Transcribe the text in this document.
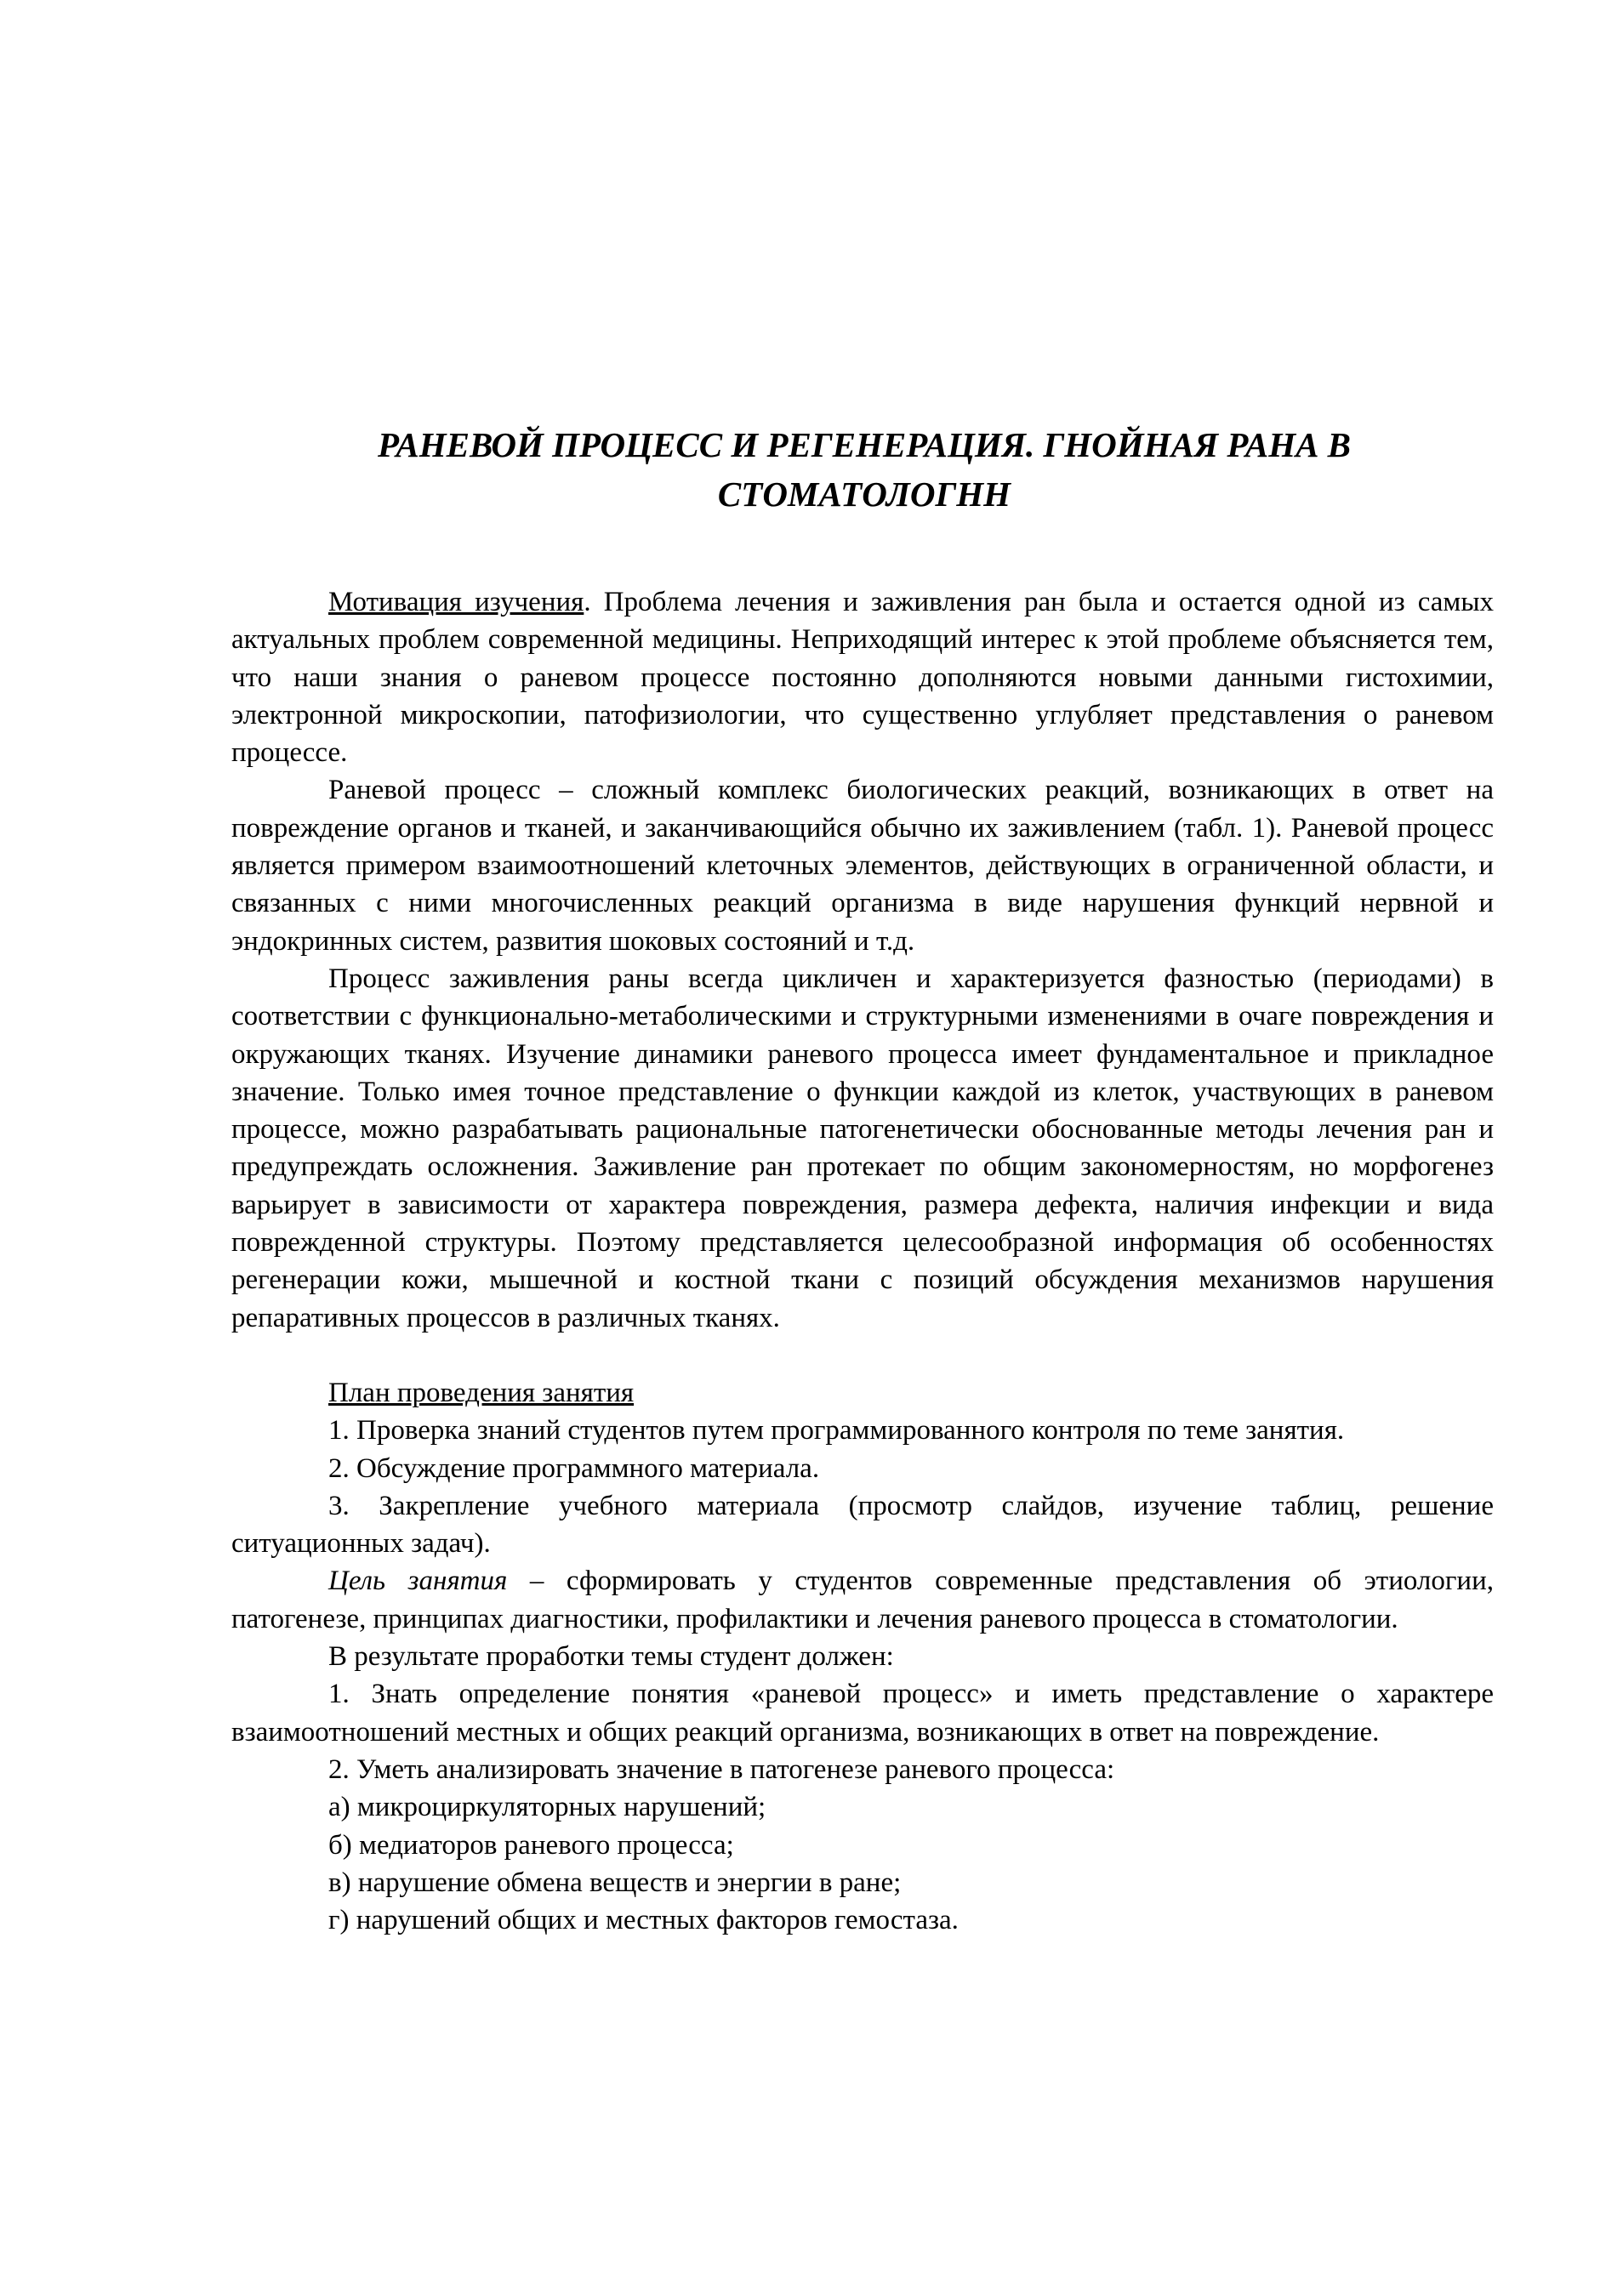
РАНЕВОЙ ПРОЦЕСС И РЕГЕНЕРАЦИЯ. ГНОЙНАЯ РАНА В
СТОМАТОЛОГНН

Мотивация изучения. Проблема лечения и заживления ран была и остается одной из самых актуальных проблем современной медицины. Неприходящий интерес к этой проблеме объясняется тем, что наши знания о раневом процессе постоянно дополняются новыми данными гистохимии, электронной микроскопии, патофизиологии, что существенно углубляет представления о раневом процессе.

Раневой процесс – сложный комплекс биологических реакций, возникающих в ответ на повреждение органов и тканей, и заканчивающийся обычно их заживлением (табл. 1). Раневой процесс является примером взаимоотношений клеточных элементов, действующих в ограниченной области, и связанных с ними многочисленных реакций организма в виде нарушения функций нервной и эндокринных систем, развития шоковых состояний и т.д.

Процесс заживления раны всегда цикличен и характеризуется фазностью (периодами) в соответствии с функционально-метаболическими и структурными изменениями в очаге повреждения и окружающих тканях. Изучение динамики раневого процесса имеет фундаментальное и прикладное значение. Только имея точное представление о функции каждой из клеток, участвующих в раневом процессе, можно разрабатывать рациональные патогенетически обоснованные методы лечения ран и предупреждать осложнения. Заживление ран протекает по общим закономерностям, но морфогенез варьирует в зависимости от характера повреждения, размера дефекта, наличия инфекции и вида поврежденной структуры. Поэтому представляется целесообразной информация об особенностях регенерации кожи, мышечной и костной ткани с позиций обсуждения механизмов нарушения репаративных процессов в различных тканях.

План проведения занятия

1. Проверка знаний студентов путем программированного контроля по теме занятия.

2. Обсуждение программного материала.

3. Закрепление учебного материала (просмотр слайдов, изучение таблиц, решение ситуационных задач).

Цель занятия – сформировать у студентов современные представления об этиологии, патогенезе, принципах диагностики, профилактики и лечения раневого процесса в стоматологии.

В результате проработки темы студент должен:

1. Знать определение понятия «раневой процесс» и иметь представление о характере взаимоотношений местных и общих реакций организма, возникающих в ответ на повреждение.

2. Уметь анализировать значение в патогенезе раневого процесса:

а) микроциркуляторных нарушений;

б) медиаторов раневого процесса;

в) нарушение обмена веществ и энергии в ране;

г) нарушений общих и местных факторов гемостаза.
